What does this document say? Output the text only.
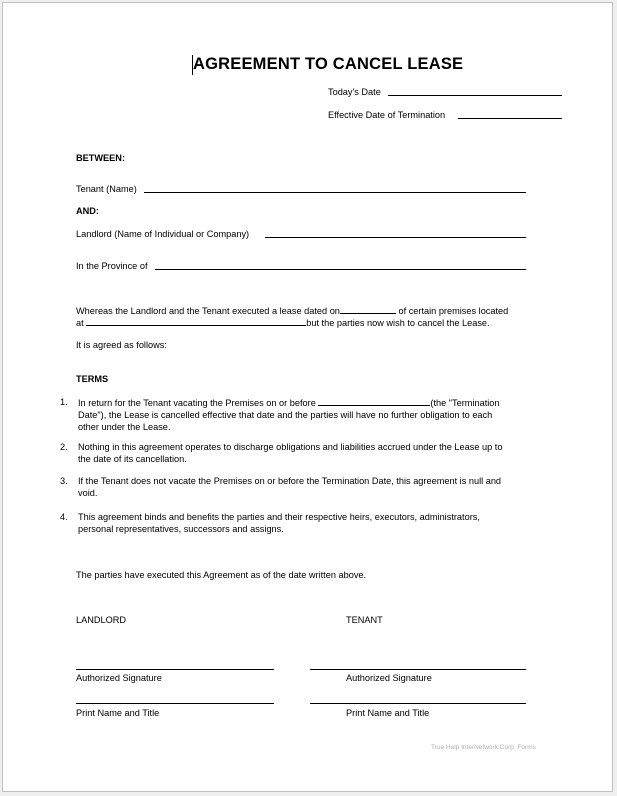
AGREEMENT TO CANCEL LEASE
Today's Date
Effective Date of Termination
BETWEEN:
Tenant (Name)
AND:
Landlord (Name of Individual or Company)
In the Province of
Whereas the Landlord and the Tenant executed a lease dated on	of certain premises located
at	but the parties now wish to cancel the Lease.
It is agreed as follows:
TERMS
1. In return for the Tenant vacating the Premises on or before	(the "Termination
Date"), the Lease is cancelled effective that date and the parties will have no further obligation to each
other under the Lease.
2. Nothing in this agreement operates to discharge obligations and liabilities accrued under the Lease up to
the date of its cancellation.
3. If the Tenant does not vacate the Premises on or before the Termination Date, this agreement is null and
void.
4. This agreement binds and benefits the parties and their respective heirs, executors, administrators,
personal representatives, successors and assigns.
The parties have executed this Agreement as of the date written above.
LANDLORD	TENANT
Authorized Signature	Authorized Signature
Print Name and Title	Print Name and Title
True Help InterNetwork Corp. Forms
